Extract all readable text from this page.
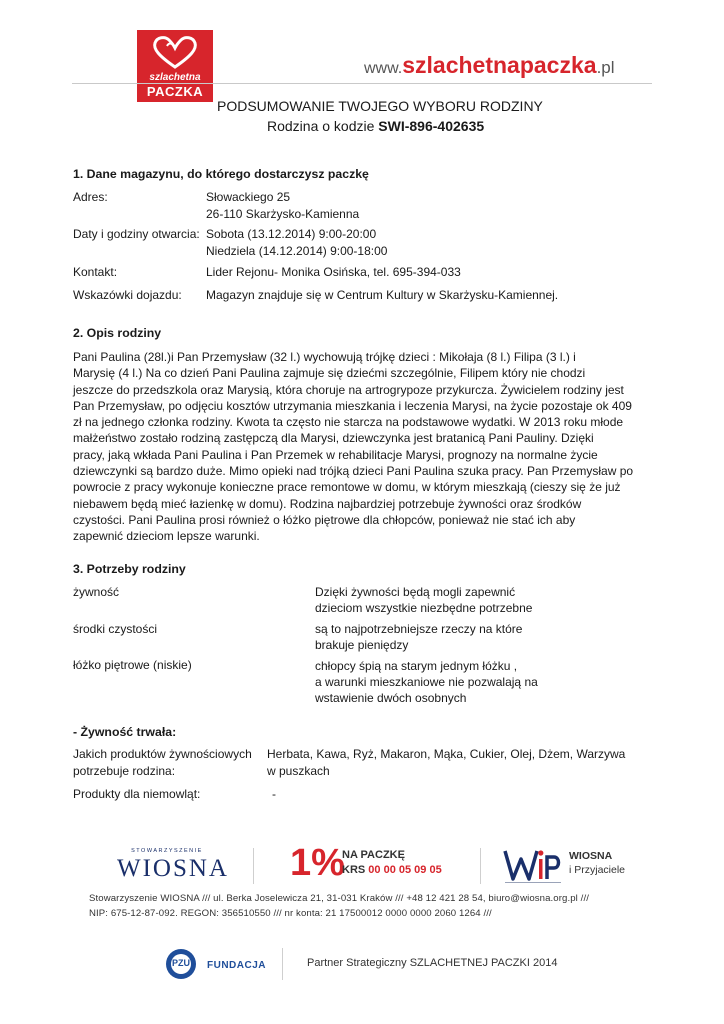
szlachetna
PACZKA
www.szlachetnapaczka.pl
PODSUMOWANIE TWOJEGO WYBORU RODZINY
Rodzina o kodzie SWI-896-402635
1. Dane magazynu, do którego dostarczysz paczkę
Adres:	Słowackiego 25
26-110 Skarżysko-Kamienna
Daty i godziny otwarcia: Sobota (13.12.2014) 9:00-20:00
Niedziela (14.12.2014) 9:00-18:00
Kontakt:	Lider Rejonu- Monika Osińska, tel. 695-394-033
Wskazówki dojazdu: Magazyn znajduje się w Centrum Kultury w Skarżysku-Kamiennej.
2. Opis rodziny
Pani Paulina (28l.)i Pan Przemysław (32 l.) wychowują trójkę dzieci : Mikołaja (8 l.) Filipa (3 l.) i
Marysię (4 l.) Na co dzień Pani Paulina zajmuje się dziećmi szczególnie, Filipem który nie chodzi
jeszcze do przedszkola oraz Marysią, która choruje na artrogrypoze przykurcza. Żywicielem rodziny jest
Pan Przemysław, po odjęciu kosztów utrzymania mieszkania i leczenia Marysi, na życie pozostaje ok 409
zł na jednego członka rodziny. Kwota ta często nie starcza na podstawowe wydatki. W 2013 roku młode
małżeństwo zostało rodziną zastępczą dla Marysi, dziewczynka jest bratanicą Pani Pauliny. Dzięki
pracy, jaką wkłada Pani Paulina i Pan Przemek w rehabilitacje Marysi, prognozy na normalne życie
dziewczynki są bardzo duże. Mimo opieki nad trójką dzieci Pani Paulina szuka pracy. Pan Przemysław po
powrocie z pracy wykonuje konieczne prace remontowe w domu, w którym mieszkają (cieszy się że już
niebawem będą mieć łazienkę w domu). Rodzina najbardziej potrzebuje żywności oraz środków
czystości. Pani Paulina prosi również o łóżko piętrowe dla chłopców, ponieważ nie stać ich aby
zapewnić dzieciom lepsze warunki.
3. Potrzeby rodziny
żywność	Dzięki żywności będą mogli zapewnić
dzieciom wszystkie niezbędne potrzebne
środki czystości	są to najpotrzebniejsze rzeczy na które
brakuje pieniędzy
łóżko piętrowe (niskie)	chłopcy śpią na starym jednym łóżku ,
a warunki mieszkaniowe nie pozwalają na
wstawienie dwóch osobnych
- Żywność trwała:
Jakich produktów żywnościowych
potrzebuje rodzina:
Herbata, Kawa, Ryż, Makaron, Mąka, Cukier, Olej, Dżem, Warzywa
w puszkach
Produkty dla niemowląt:	-
STOWARZYSZENIE
WIOSNA 1%
NA PACZKĘ
KRS 00 00 05 09 05
WIOSNA
i Przyjaciele
Stowarzyszenie WIOSNA /// ul. Berka Joselewicza 21, 31-031 Kraków /// +48 12 421 28 54, biuro@wiosna.org.pl ///
NIP: 675-12-87-092. REGON: 356510550 /// nr konta: 21 17500012 0000 0000 2060 1264 ///
PZU	FUNDACJA	Partner Strategiczny SZLACHETNEJ PACZKI 2014
